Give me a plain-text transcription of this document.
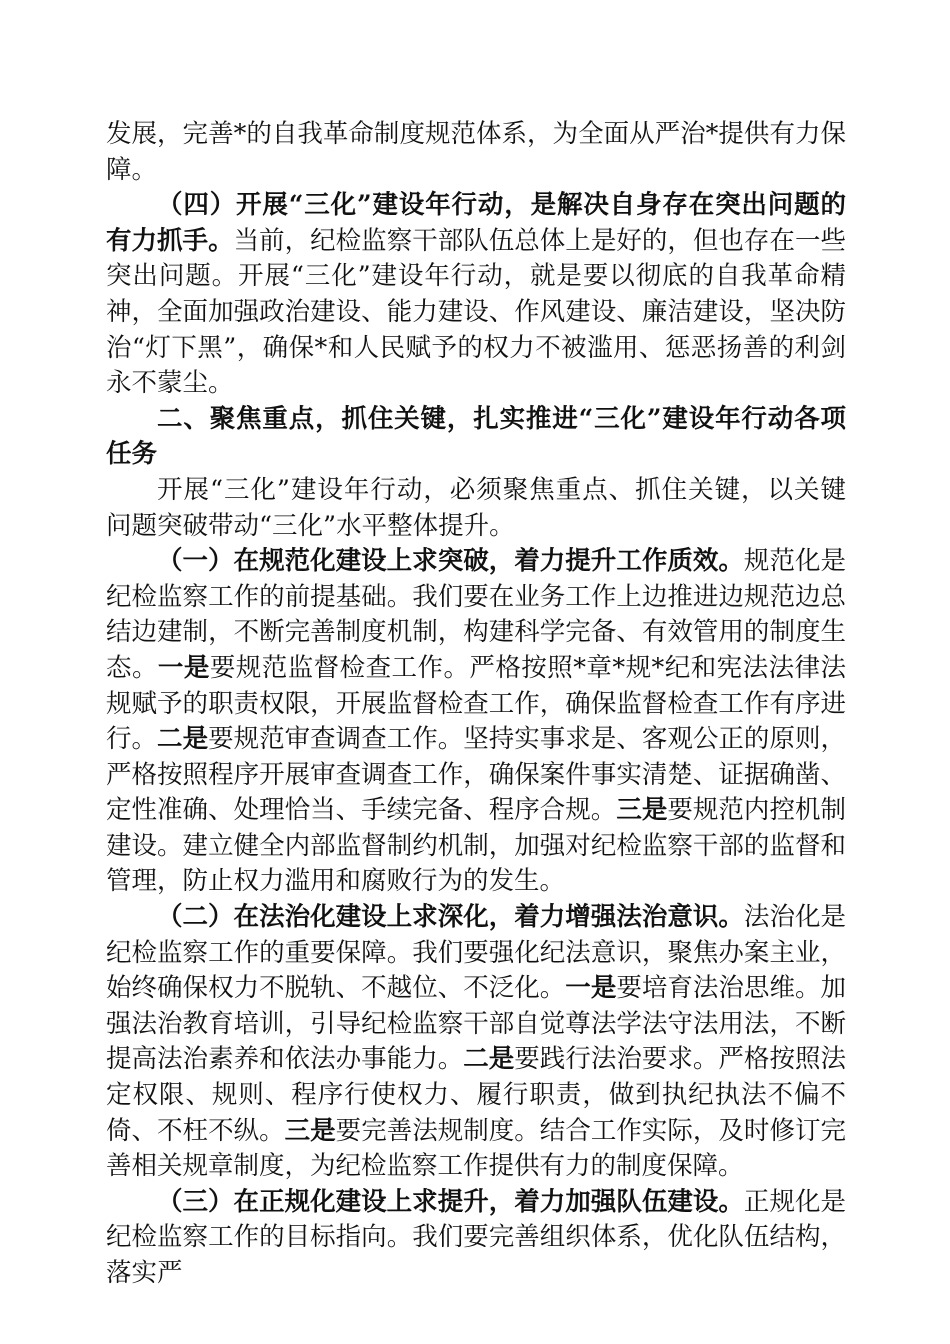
发展，完善*的自我革命制度规范体系，为全面从严治*提供有力保障。

（四）开展“三化”建设年行动，是解决自身存在突出问题的有力抓手。当前，纪检监察干部队伍总体上是好的，但也存在一些突出问题。开展“三化”建设年行动，就是要以彻底的自我革命精神，全面加强政治建设、能力建设、作风建设、廉洁建设，坚决防治“灯下黑”，确保*和人民赋予的权力不被滥用、惩恶扬善的利剑永不蒙尘。

二、聚焦重点，抓住关键，扎实推进“三化”建设年行动各项任务

开展“三化”建设年行动，必须聚焦重点、抓住关键，以关键问题突破带动“三化”水平整体提升。

（一）在规范化建设上求突破，着力提升工作质效。规范化是纪检监察工作的前提基础。我们要在业务工作上边推进边规范边总结边建制，不断完善制度机制，构建科学完备、有效管用的制度生态。一是要规范监督检查工作。严格按照*章*规*纪和宪法法律法规赋予的职责权限，开展监督检查工作，确保监督检查工作有序进行。二是要规范审查调查工作。坚持实事求是、客观公正的原则，严格按照程序开展审查调查工作，确保案件事实清楚、证据确凿、定性准确、处理恰当、手续完备、程序合规。三是要规范内控机制建设。建立健全内部监督制约机制，加强对纪检监察干部的监督和管理，防止权力滥用和腐败行为的发生。

（二）在法治化建设上求深化，着力增强法治意识。法治化是纪检监察工作的重要保障。我们要强化纪法意识，聚焦办案主业，始终确保权力不脱轨、不越位、不泛化。一是要培育法治思维。加强法治教育培训，引导纪检监察干部自觉尊法学法守法用法，不断提高法治素养和依法办事能力。二是要践行法治要求。严格按照法定权限、规则、程序行使权力、履行职责，做到执纪执法不偏不倚、不枉不纵。三是要完善法规制度。结合工作实际，及时修订完善相关规章制度，为纪检监察工作提供有力的制度保障。

（三）在正规化建设上求提升，着力加强队伍建设。正规化是纪检监察工作的目标指向。我们要完善组织体系，优化队伍结构，落实严
